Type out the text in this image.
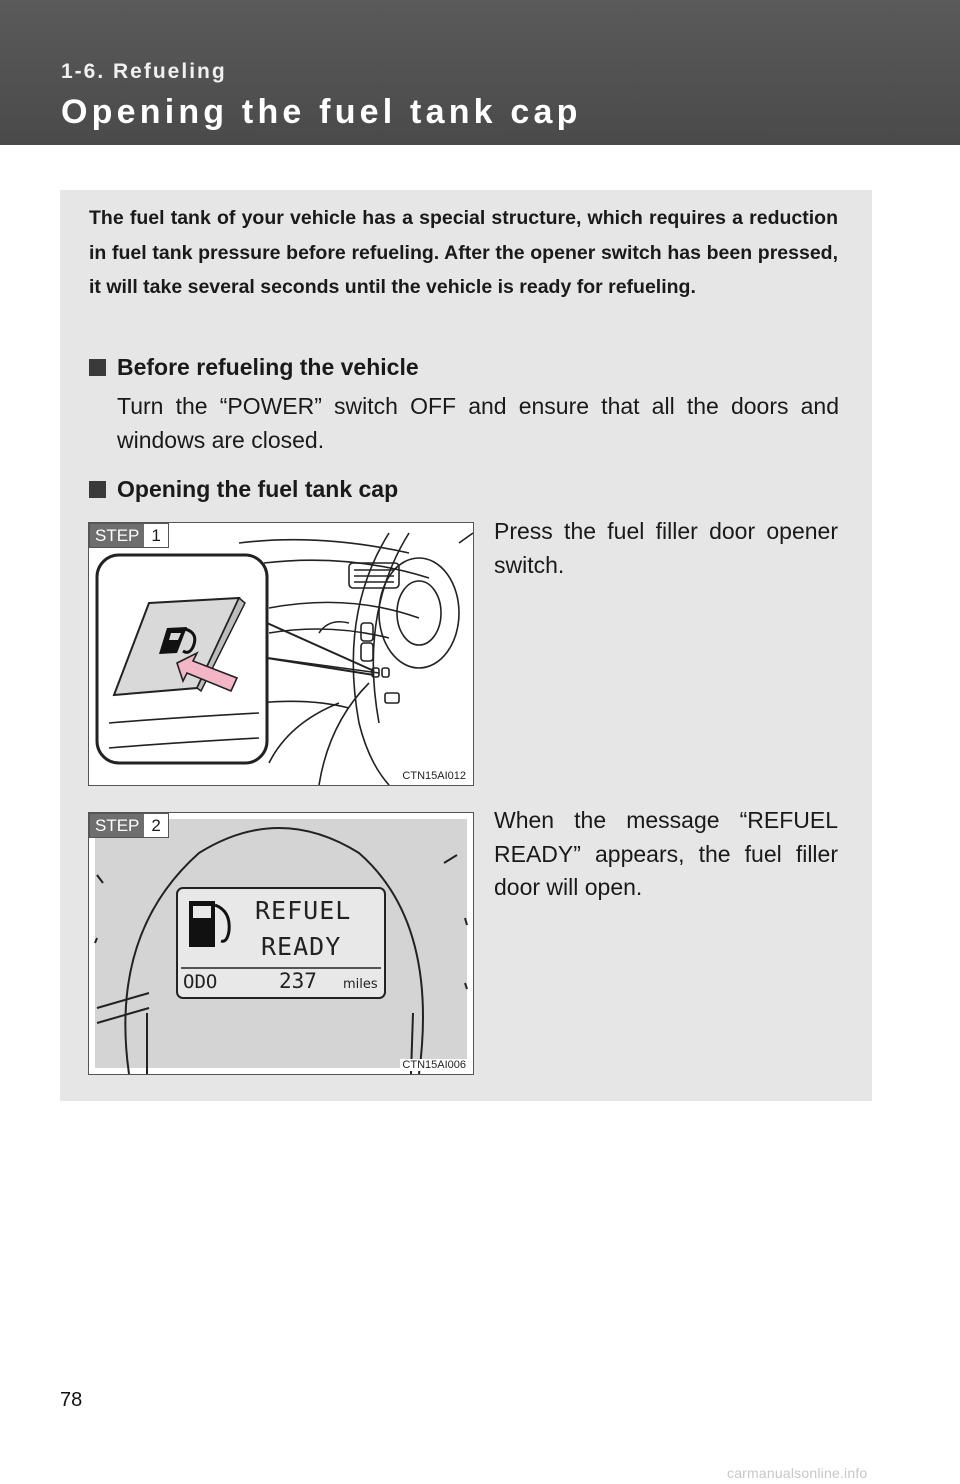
1-6. Refueling
Opening the fuel tank cap

The fuel tank of your vehicle has a special structure, which requires a reduction in fuel tank pressure before refueling. After the opener switch has been pressed, it will take several seconds until the vehicle is ready for refueling.

Before refueling the vehicle

Turn the “POWER” switch OFF and ensure that all the doors and windows are closed.

Opening the fuel tank cap
STEP 1
CTN15AI012

Press the fuel filler door opener switch.

REFUEL
READY
ODO	237 miles
STEP 2
CTN15AI006

When the message “REFUEL READY” appears, the fuel filler door will open.

78
carmanualsonline.info
